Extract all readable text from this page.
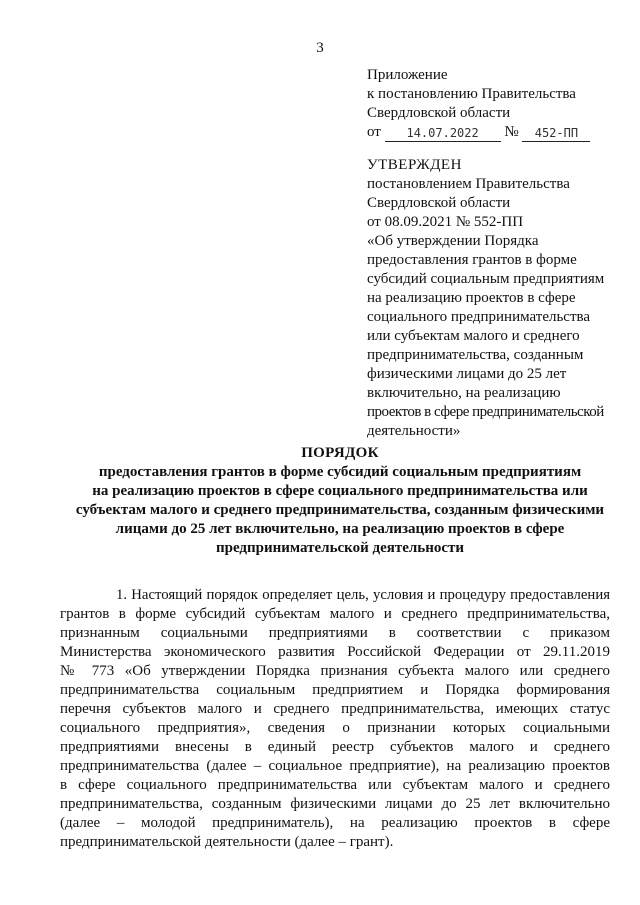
3
Приложение
к постановлению Правительства
Свердловской области
от	14.07.2022	№	452-ПП
УТВЕРЖДЕН
постановлением Правительства
Свердловской области
от 08.09.2021 № 552-ПП
«Об утверждении Порядка
предоставления грантов в форме
субсидий социальным предприятиям
на реализацию проектов в сфере
социального предпринимательства
или субъектам малого и среднего
предпринимательства, созданным
физическими лицами до 25 лет
включительно, на реализацию
проектов в сфере предпринимательской
деятельности»
ПОРЯДОК
предоставления грантов в форме субсидий социальным предприятиям
на реализацию проектов в сфере социального предпринимательства или
субъектам малого и среднего предпринимательства, созданным физическими
лицами до 25 лет включительно, на реализацию проектов в сфере
предпринимательской деятельности
1. Настоящий порядок определяет цель, условия и процедуру предоставления
грантов в форме субсидий субъектам малого и среднего предпринимательства,
признанным социальными предприятиями в соответствии с приказом
Министерства экономического развития Российской Федерации от 29.11.2019
№ 773 «Об утверждении Порядка признания субъекта малого или среднего
предпринимательства социальным предприятием и Порядка формирования
перечня субъектов малого и среднего предпринимательства, имеющих статус
социального предприятия», сведения о признании которых социальными
предприятиями внесены в единый реестр субъектов малого и среднего
предпринимательства (далее – социальное предприятие), на реализацию проектов
в сфере социального предпринимательства или субъектам малого и среднего
предпринимательства, созданным физическими лицами до 25 лет включительно
(далее – молодой предприниматель), на реализацию проектов в сфере
предпринимательской деятельности (далее – грант).
